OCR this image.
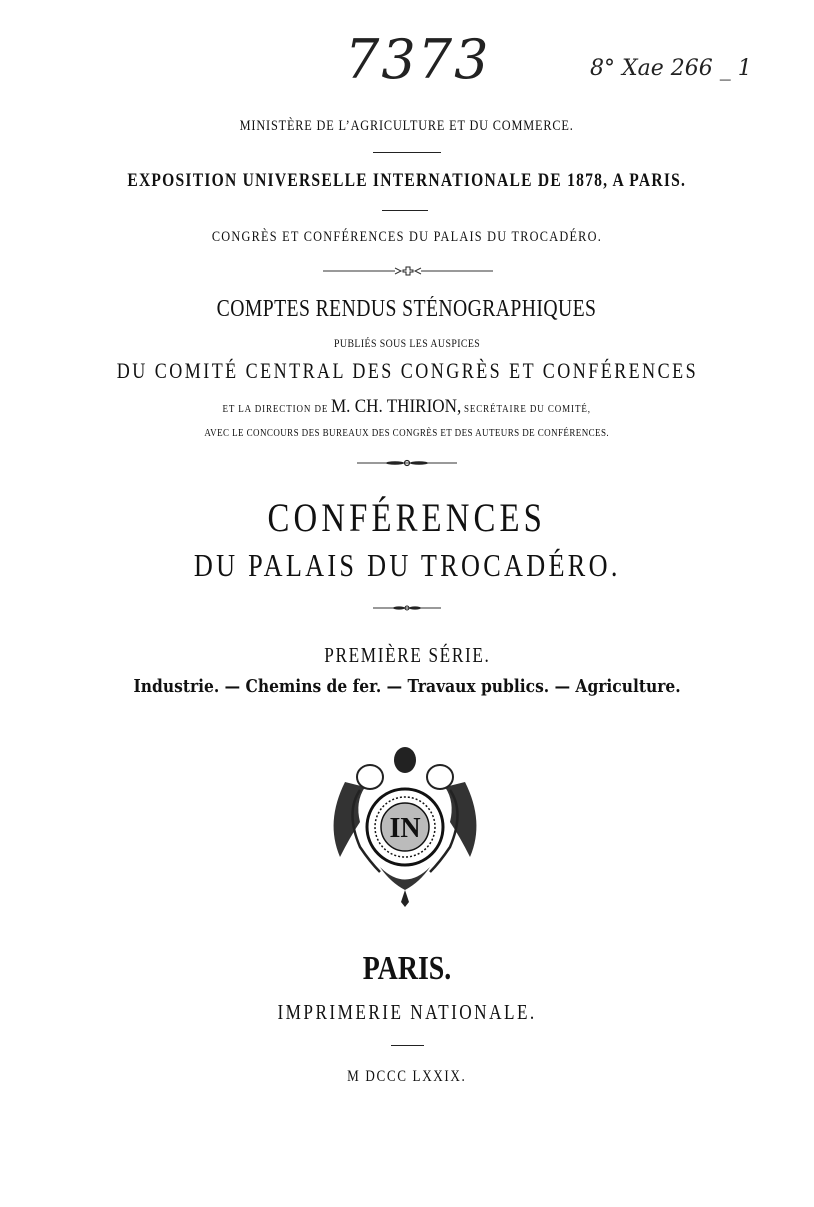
7373	8° Xae 266 _ 1
MINISTÈRE DE L’AGRICULTURE ET DU COMMERCE.
EXPOSITION UNIVERSELLE INTERNATIONALE DE 1878, A PARIS.
CONGRÈS ET CONFÉRENCES DU PALAIS DU TROCADÉRO.
COMPTES RENDUS STÉNOGRAPHIQUES
PUBLIÉS SOUS LES AUSPICES
DU COMITÉ CENTRAL DES CONGRÈS ET CONFÉRENCES
ET LA DIRECTION DE M. CH. THIRION, SECRÉTAIRE DU COMITÉ,
AVEC LE CONCOURS DES BUREAUX DES CONGRÈS ET DES AUTEURS DE CONFÉRENCES.
CONFÉRENCES
DU PALAIS DU TROCADÉRO.
PREMIÈRE SÉRIE.
Industrie. — Chemins de fer. — Travaux publics. — Agriculture.
IN
PARIS.
IMPRIMERIE NATIONALE.
M DCCC LXXIX.
